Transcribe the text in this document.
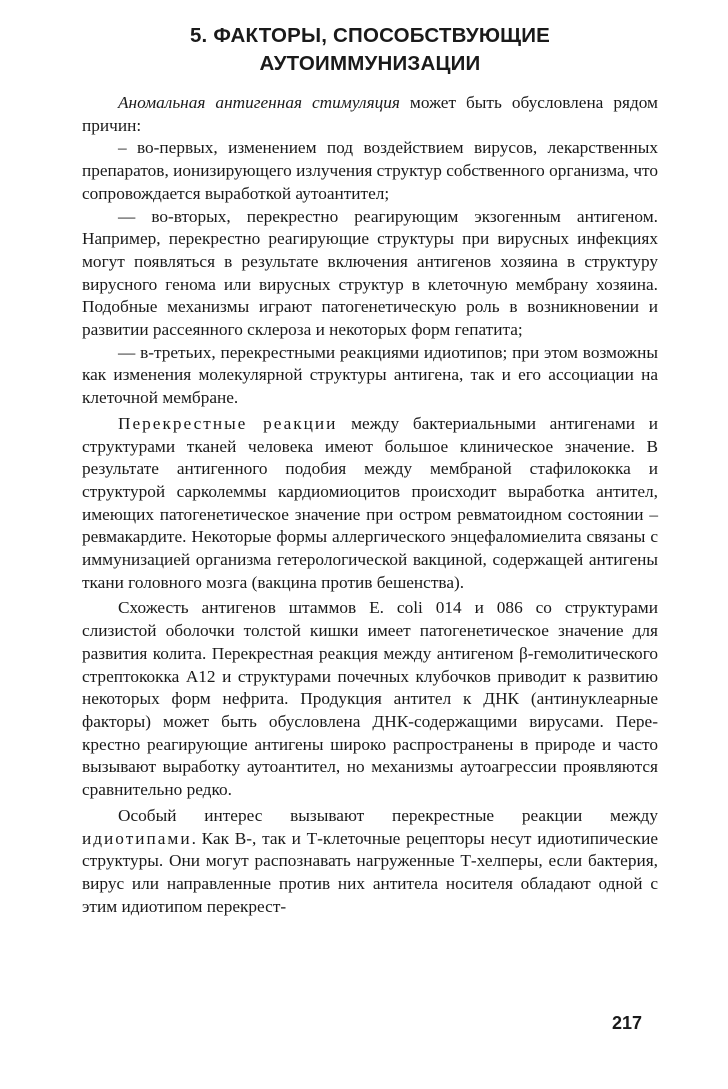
5. ФАКТОРЫ, СПОСОБСТВУЮЩИЕ
АУТОИММУНИЗАЦИИ

Аномальная антигенная стимуляция может быть обусловлена рядом причин:

– во-первых, изменением под воздействием вирусов, лекарственных препаратов, ионизирующего излучения структур собственного организма, что сопровождается выработкой аутоантител;

— во-вторых, перекрестно реагирующим экзогенным антигеном. Например, перекрестно реагирующие структуры при вирусных инфекциях могут появляться в результате включения антигенов хозяина в структуру вирусного генома или вирусных структур в клеточную мембрану хозяина. Подобные механизмы играют патогенетическую роль в возникновении и развитии рассеянного склероза и некоторых форм гепатита;

— в-третьих, перекрестными реакциями идиотипов; при этом возможны как изменения молекулярной структуры антигена, так и его ассоциации на клеточной мембране.

Перекрестные реакции между бактериальными антигенами и структурами тканей человека имеют большое клиническое значение. В результате антигенного подобия между мембраной стафилококка и структурой сарколеммы кардиомиоцитов происходит выработка антител, имеющих патогенетическое значение при остром ревматоидном состоянии – ревмакардите. Некоторые формы аллергического энцефаломиелита связаны с иммунизацией организма гетерологической вакциной, содержащей антигены ткани головного мозга (вакцина против бешенства).

Схожесть антигенов штаммов E. coli 014 и 086 со структурами слизистой оболочки толстой кишки имеет патогенетическое значение для развития колита. Перекрестная реакция между антигеном β-гемолитического стрептококка А12 и структурами почечных клубочков приводит к развитию некоторых форм нефрита. Продукция антител к ДНК (антинуклеарные факторы) может быть обусловлена ДНК-содержащими вирусами. Перекрестно реагирующие антигены широко распространены в природе и часто вызывают выработку аутоантител, но механизмы аутоагрессии проявляются сравнительно редко.

Особый интерес вызывают перекрестные реакции между идиотипами. Как В-, так и Т-клеточные рецепторы несут идиотипические структуры. Они могут распознавать нагруженные Т-хелперы, если бактерия, вирус или направленные против них антитела носителя обладают одной с этим идиотипом перекрест-

217
